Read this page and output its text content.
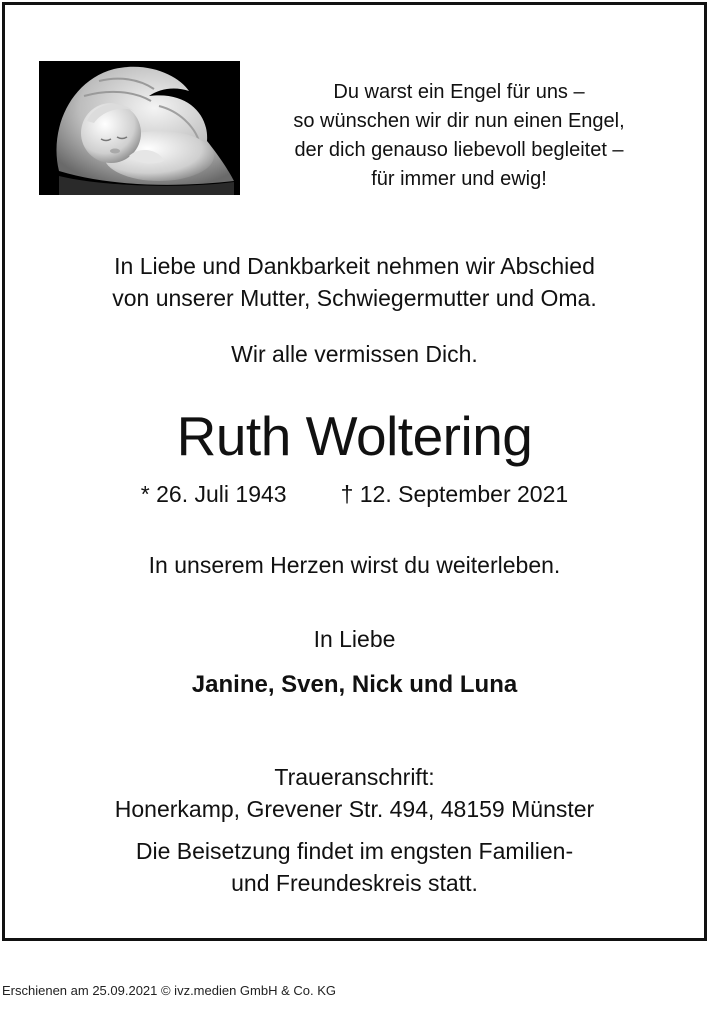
Du warst ein Engel für uns –
so wünschen wir dir nun einen Engel,
der dich genauso liebevoll begleitet –
für immer und ewig!
In Liebe und Dankbarkeit nehmen wir Abschied
von unserer Mutter, Schwiegermutter und Oma.
Wir alle vermissen Dich.
Ruth Woltering
* 26. Juli 1943 † 12. September 2021
In unserem Herzen wirst du weiterleben.
In Liebe
Janine, Sven, Nick und Luna
Traueranschrift:
Honerkamp, Grevener Str. 494, 48159 Münster
Die Beisetzung findet im engsten Familien-
und Freundeskreis statt.
Erschienen am 25.09.2021 © ivz.medien GmbH & Co. KG
